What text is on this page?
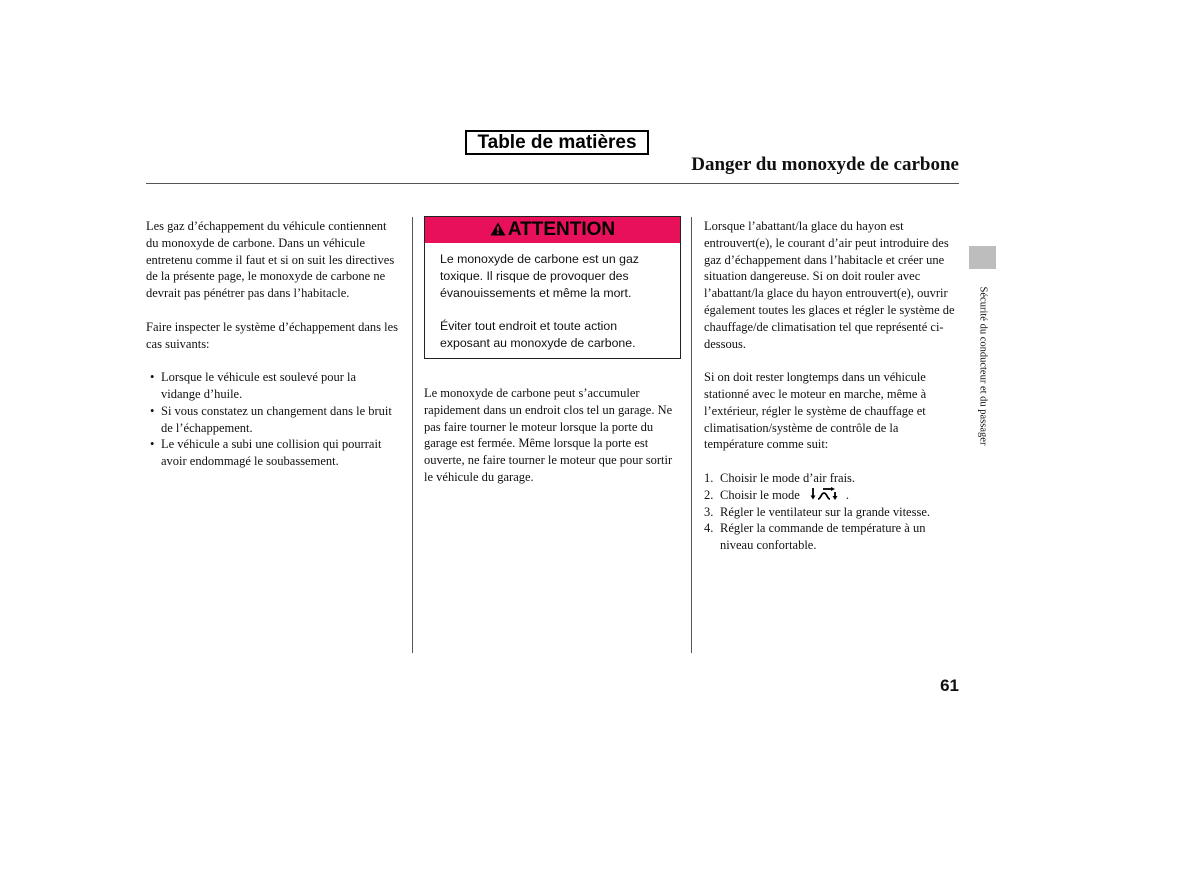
Table de matières
Danger du monoxyde de carbone

Les gaz d’échappement du véhicule contiennent du monoxyde de carbone. Dans un véhicule entretenu comme il faut et si on suit les directives de la présente page, le monoxyde de carbone ne devrait pas pénétrer pas dans l’habitacle.

Faire inspecter le système d’échappement dans les cas suivants:

• Lorsque le véhicule est soulevé pour la vidange d’huile.
• Si vous constatez un changement dans le bruit de l’échappement.
• Le véhicule a subi une collision qui pourrait avoir endommagé le soubassement.
ATTENTION

Le monoxyde de carbone est un gaz toxique. Il risque de provoquer des évanouissements et même la mort.

Éviter tout endroit et toute action exposant au monoxyde de carbone.

Le monoxyde de carbone peut s’accumuler rapidement dans un endroit clos tel un garage. Ne pas faire tourner le moteur lorsque la porte du garage est fermée. Même lorsque la porte est ouverte, ne faire tourner le moteur que pour sortir le véhicule du garage.

Lorsque l’abattant/la glace du hayon est entrouvert(e), le courant d’air peut introduire des gaz d’échappement dans l’habitacle et créer une situation dangereuse. Si on doit rouler avec l’abattant/la glace du hayon entrouvert(e), ouvrir également toutes les glaces et régler le système de chauffage/de climatisation tel que représenté ci-dessous.

Si on doit rester longtemps dans un véhicule stationné avec le moteur en marche, même à l’extérieur, régler le système de chauffage et climatisation/système de contrôle de la température comme suit:

1. Choisir le mode d’air frais.
2. Choisir le mode	.
3. Régler le ventilateur sur la grande vitesse.
4. Régler la commande de température à un niveau confortable.
Sécurité du conducteur et du passager
61
